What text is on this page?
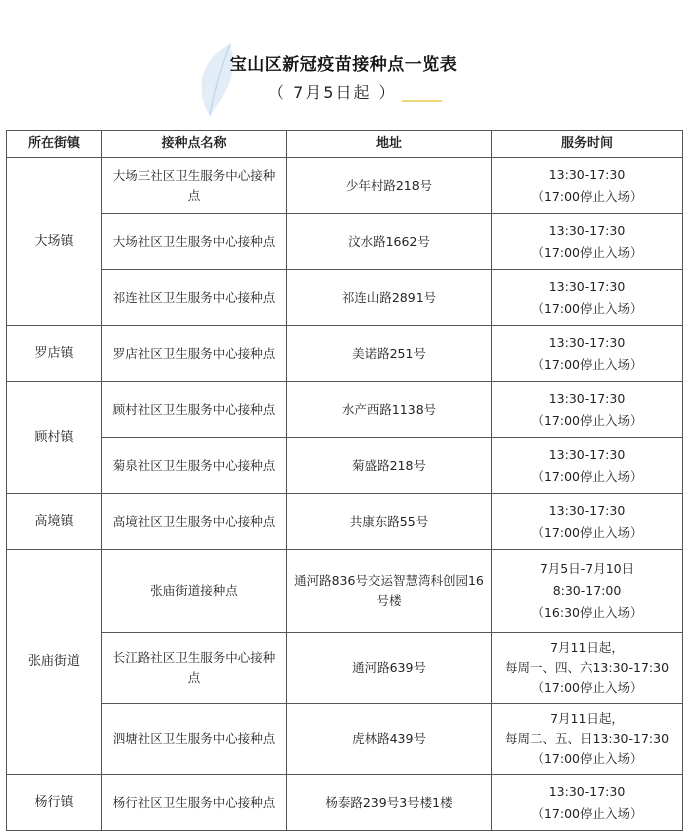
宝山区新冠疫苗接种点一览表
（ 7月5日起 ）
所在街镇	接种点名称	地址	服务时间
大场镇	大场三社区卫生服务中心接种点	少年村路218号	13:30-17:30
（17:00停止入场）

	大场社区卫生服务中心接种点	汶水路1662号	13:30-17:30
（17:00停止入场）

	祁连社区卫生服务中心接种点	祁连山路2891号	13:30-17:30
（17:00停止入场）

罗店镇	罗店社区卫生服务中心接种点	美诺路251号	13:30-17:30
（17:00停止入场）

顾村镇	顾村社区卫生服务中心接种点	水产西路1138号	13:30-17:30
（17:00停止入场）

	菊泉社区卫生服务中心接种点	菊盛路218号	13:30-17:30
（17:00停止入场）

高境镇	高境社区卫生服务中心接种点	共康东路55号	13:30-17:30
（17:00停止入场）

张庙街道	张庙街道接种点	通河路836号交运智慧湾科创园16号楼	7月5日-7月10日
8:30-17:00
（16:30停止入场）

	长江路社区卫生服务中心接种点	通河路639号	7月11日起，
每周一、四、六13:30-17:30
（17:00停止入场）

	泗塘社区卫生服务中心接种点	虎林路439号	7月11日起，
每周二、五、日13:30-17:30
（17:00停止入场）

杨行镇	杨行社区卫生服务中心接种点	杨泰路239号3号楼1楼	13:30-17:30
（17:00停止入场）
